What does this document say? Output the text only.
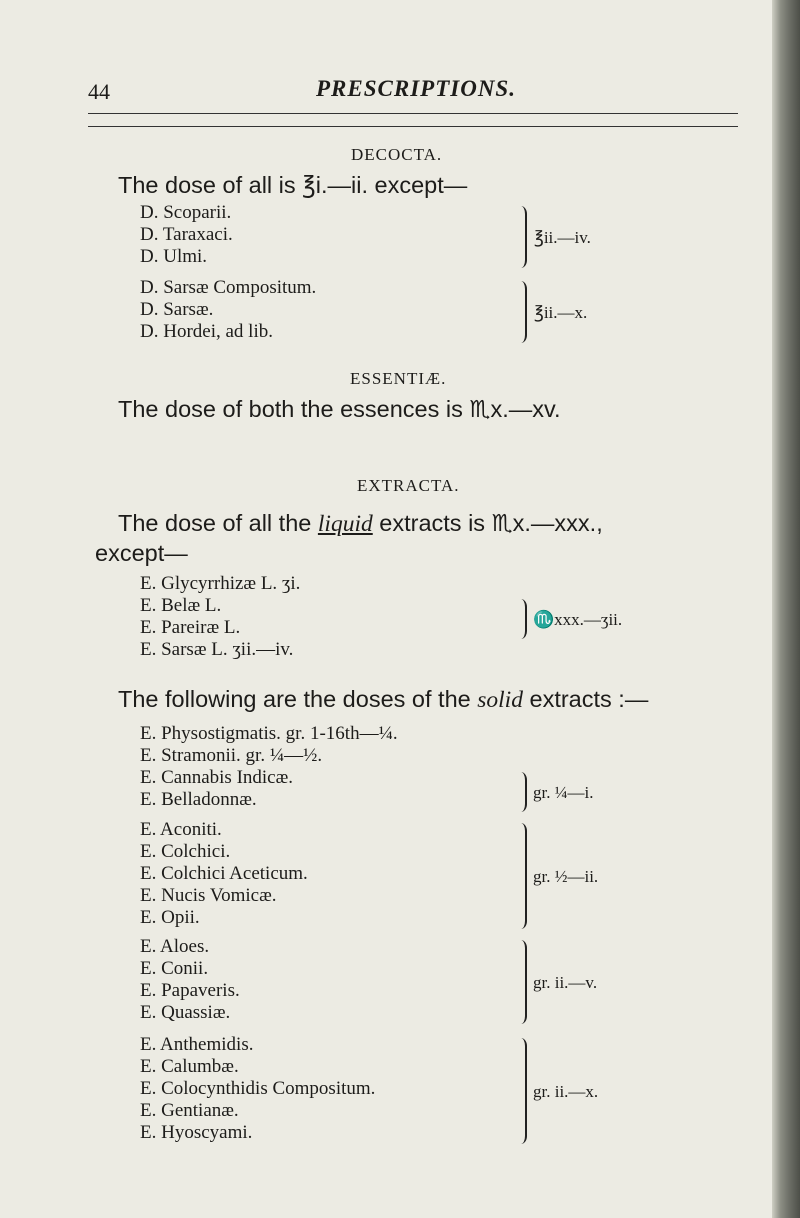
44	PRESCRIPTIONS.
DECOCTA.
The dose of all is ℥i.—ii. except—
D. Scoparii.
D. Taraxaci.
D. Ulmi.
D. Sarsæ Compositum.
D. Sarsæ.
D. Hordei, ad lib.
℥ii.—iv.
℥ii.—x.
ESSENTIÆ.
The dose of both the essences is ♏x.—xv.
EXTRACTA.
The dose of all the liquid extracts is ♏x.—xxx.,
except—
E. Glycyrrhizæ L. ʒi.
E. Belæ L.
E. Pareiræ L.
E. Sarsæ L. ʒii.—iv.
♏xxx.—ʒii.
The following are the doses of the solid extracts :—
E. Physostigmatis. gr. 1-16th—¼.
E. Stramonii. gr. ¼—½.
E. Cannabis Indicæ.
E. Belladonnæ.
E. Aconiti.
E. Colchici.
E. Colchici Aceticum.
E. Nucis Vomicæ.
E. Opii.
E. Aloes.
E. Conii.
E. Papaveris.
E. Quassiæ.
E. Anthemidis.
E. Calumbæ.
E. Colocynthidis Compositum.
E. Gentianæ.
E. Hyoscyami.
gr. ¼—i.
gr. ½—ii.
gr. ii.—v.
gr. ii.—x.
